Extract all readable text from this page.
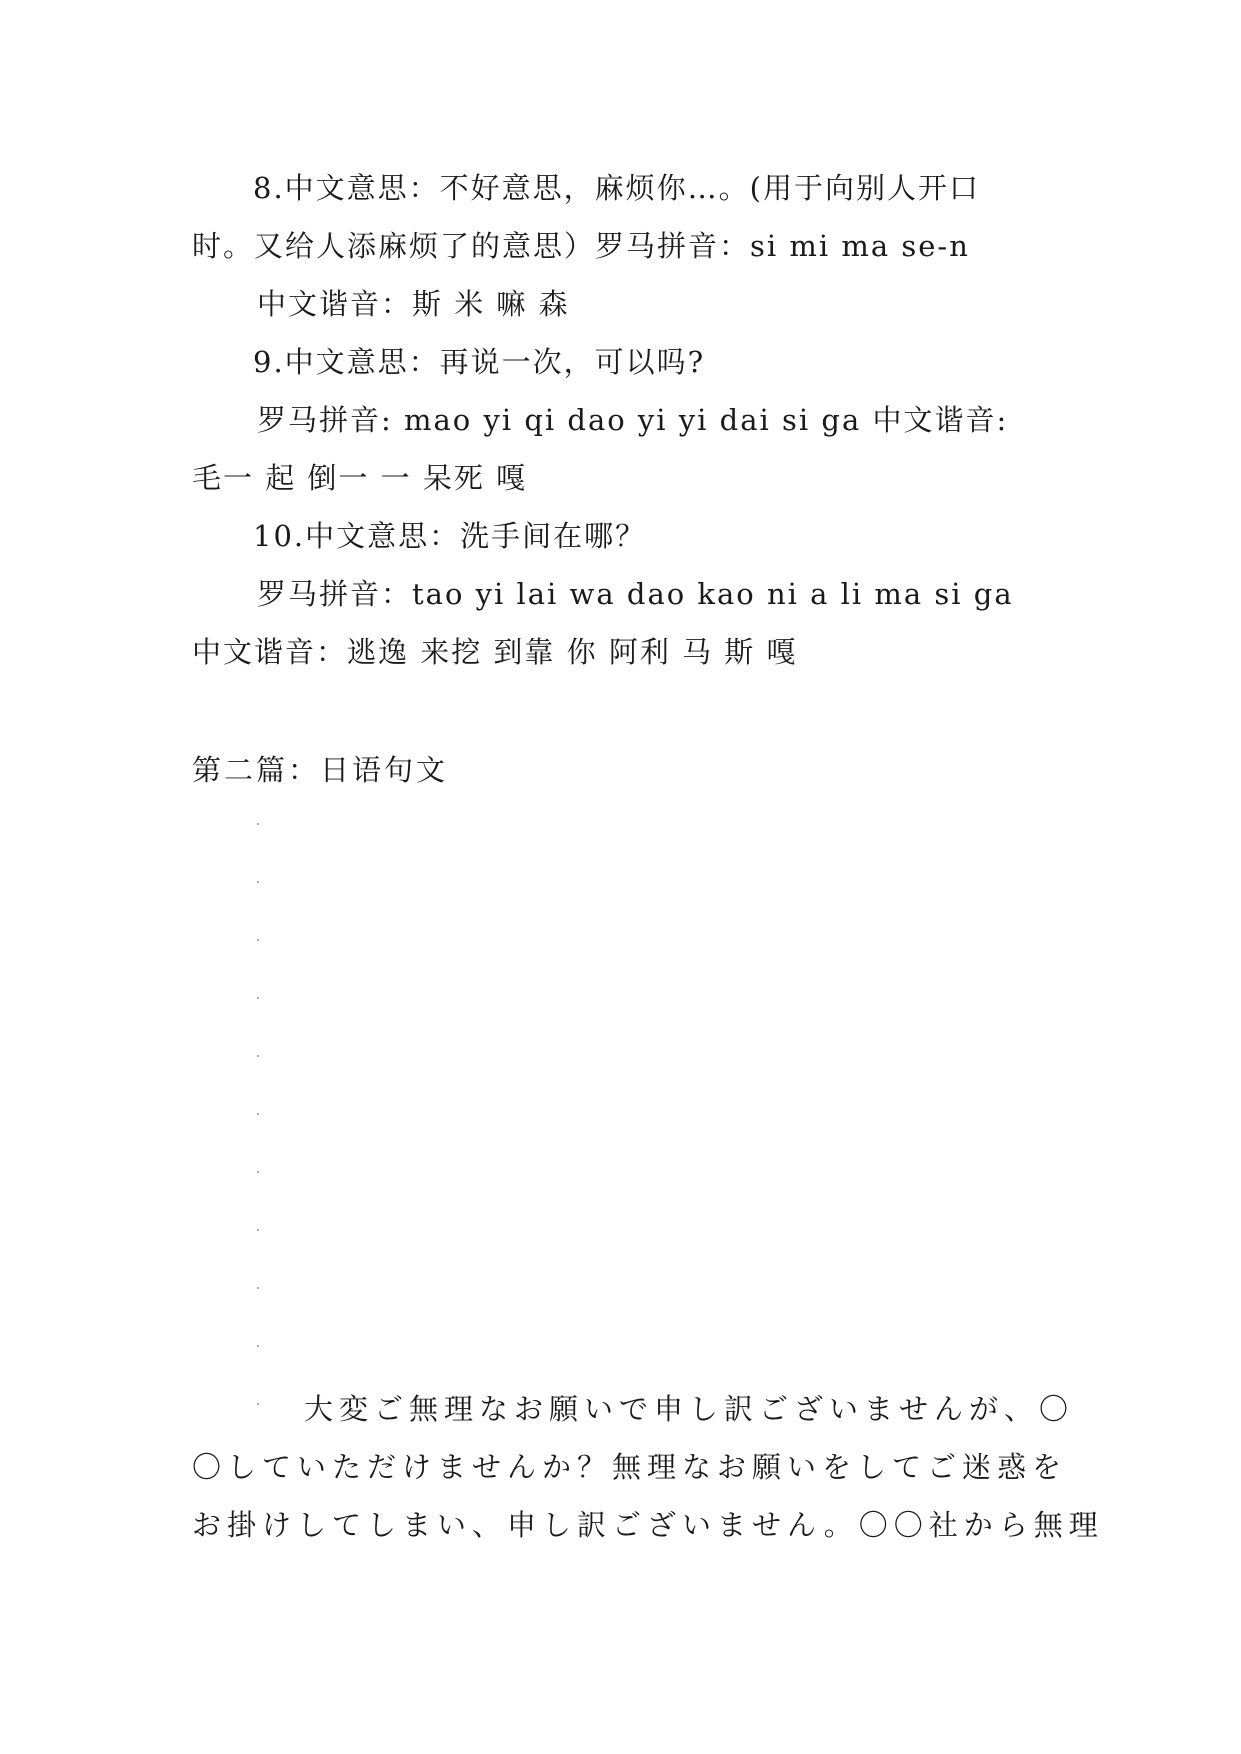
8.中文意思：不好意思，麻烦你…。(用于向别人开口
时。又给人添麻烦了的意思）罗马拼音：si mi ma se-n
中文谐音：斯 米 嘛 森
9.中文意思：再说一次，可以吗?
罗马拼音: mao yi qi dao yi yi dai si ga 中文谐音:
毛一 起 倒一 一 呆死 嘎
10.中文意思：洗手间在哪？
罗马拼音：tao yi lai wa dao kao ni a li ma si ga
中文谐音：逃逸 来挖 到靠 你 阿利 马 斯 嘎
第二篇：日语句文
大変ご無理なお願いで申し訳ございませんが、〇
〇していただけませんか？無理なお願いをしてご迷惑を
お掛けしてしまい、申し訳ございません。〇〇社から無理
